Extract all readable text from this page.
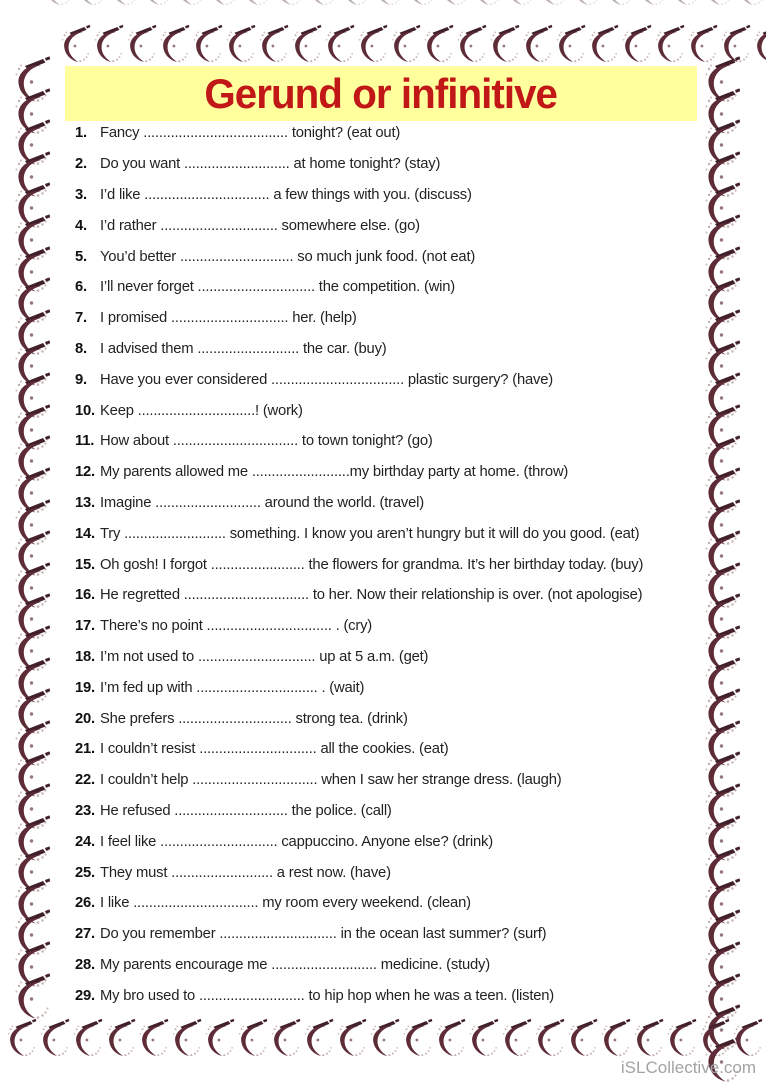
Gerund or infinitive
1. Fancy ..................................... tonight? (eat out)
2. Do you want ........................... at home tonight? (stay)
3. I’d like ................................ a few things with you. (discuss)
4. I’d rather .............................. somewhere else. (go)
5. You’d better ............................. so much junk food. (not eat)
6. I’ll never forget .............................. the competition. (win)
7. I promised .............................. her. (help)
8. I advised them .......................... the car. (buy)
9. Have you ever considered .................................. plastic surgery? (have)
10. Keep ..............................! (work)
11. How about ................................ to town tonight? (go)
12. My parents allowed me .........................my birthday party at home. (throw)
13. Imagine ........................... around the world. (travel)
14. Try .......................... something. I know you aren’t hungry but it will do you good. (eat)
15. Oh gosh! I forgot ........................ the flowers for grandma. It’s her birthday today. (buy)
16. He regretted ................................ to her. Now their relationship is over. (not apologise)
17. There’s no point ................................ . (cry)
18. I’m not used to .............................. up at 5 a.m. (get)
19. I’m fed up with ............................... . (wait)
20. She prefers ............................. strong tea. (drink)
21. I couldn’t resist .............................. all the cookies. (eat)
22. I couldn’t help ................................ when I saw her strange dress. (laugh)
23. He refused ............................. the police. (call)
24. I feel like .............................. cappuccino. Anyone else? (drink)
25. They must .......................... a rest now. (have)
26. I like ................................ my room every weekend. (clean)
27. Do you remember .............................. in the ocean last summer? (surf)
28. My parents encourage me ........................... medicine. (study)
29. My bro used to ........................... to hip hop when he was a teen. (listen)
iSLCollective.com
